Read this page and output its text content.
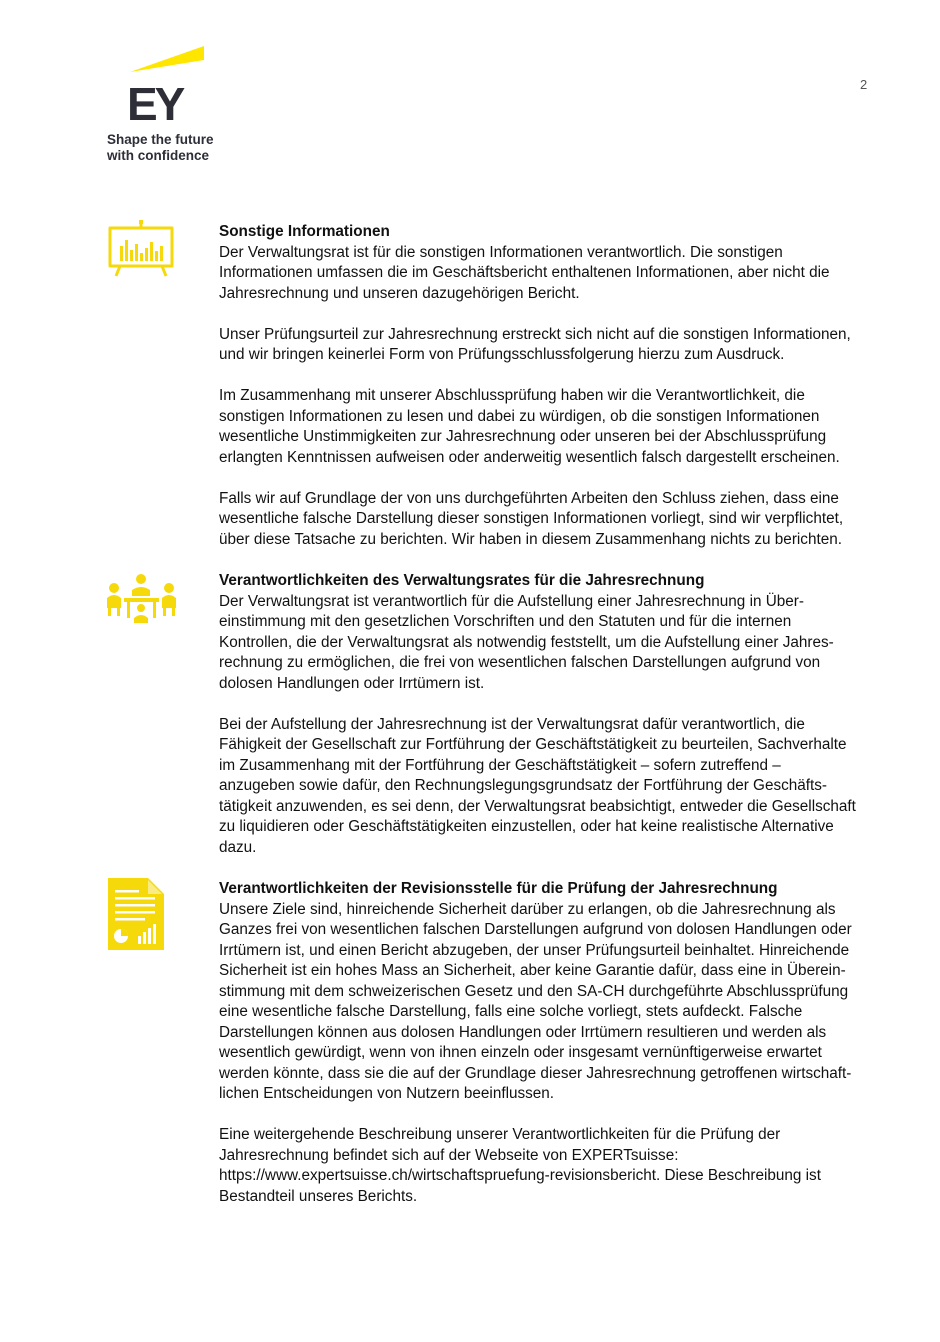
EY
Shape the future
with confidence
2
Sonstige Informationen

Der Verwaltungsrat ist für die sonstigen Informationen verantwortlich. Die sonstigen
Informationen umfassen die im Geschäftsbericht enthaltenen Informationen, aber nicht die
Jahresrechnung und unseren dazugehörigen Bericht.

Unser Prüfungsurteil zur Jahresrechnung erstreckt sich nicht auf die sonstigen Informationen,
und wir bringen keinerlei Form von Prüfungsschlussfolgerung hierzu zum Ausdruck.

Im Zusammenhang mit unserer Abschlussprüfung haben wir die Verantwortlichkeit, die
sonstigen Informationen zu lesen und dabei zu würdigen, ob die sonstigen Informationen
wesentliche Unstimmigkeiten zur Jahresrechnung oder unseren bei der Abschlussprüfung
erlangten Kenntnissen aufweisen oder anderweitig wesentlich falsch dargestellt erscheinen.

Falls wir auf Grundlage der von uns durchgeführten Arbeiten den Schluss ziehen, dass eine
wesentliche falsche Darstellung dieser sonstigen Informationen vorliegt, sind wir verpflichtet,
über diese Tatsache zu berichten. Wir haben in diesem Zusammenhang nichts zu berichten.

Verantwortlichkeiten des Verwaltungsrates für die Jahresrechnung

Der Verwaltungsrat ist verantwortlich für die Aufstellung einer Jahresrechnung in Über-
einstimmung mit den gesetzlichen Vorschriften und den Statuten und für die internen
Kontrollen, die der Verwaltungsrat als notwendig feststellt, um die Aufstellung einer Jahres-
rechnung zu ermöglichen, die frei von wesentlichen falschen Darstellungen aufgrund von
dolosen Handlungen oder Irrtümern ist.

Bei der Aufstellung der Jahresrechnung ist der Verwaltungsrat dafür verantwortlich, die
Fähigkeit der Gesellschaft zur Fortführung der Geschäftstätigkeit zu beurteilen, Sachverhalte
im Zusammenhang mit der Fortführung der Geschäftstätigkeit – sofern zutreffend –
anzugeben sowie dafür, den Rechnungslegungsgrundsatz der Fortführung der Geschäfts-
tätigkeit anzuwenden, es sei denn, der Verwaltungsrat beabsichtigt, entweder die Gesellschaft
zu liquidieren oder Geschäftstätigkeiten einzustellen, oder hat keine realistische Alternative
dazu.

Verantwortlichkeiten der Revisionsstelle für die Prüfung der Jahresrechnung

Unsere Ziele sind, hinreichende Sicherheit darüber zu erlangen, ob die Jahresrechnung als
Ganzes frei von wesentlichen falschen Darstellungen aufgrund von dolosen Handlungen oder
Irrtümern ist, und einen Bericht abzugeben, der unser Prüfungsurteil beinhaltet. Hinreichende
Sicherheit ist ein hohes Mass an Sicherheit, aber keine Garantie dafür, dass eine in Überein-
stimmung mit dem schweizerischen Gesetz und den SA-CH durchgeführte Abschlussprüfung
eine wesentliche falsche Darstellung, falls eine solche vorliegt, stets aufdeckt. Falsche
Darstellungen können aus dolosen Handlungen oder Irrtümern resultieren und werden als
wesentlich gewürdigt, wenn von ihnen einzeln oder insgesamt vernünftigerweise erwartet
werden könnte, dass sie die auf der Grundlage dieser Jahresrechnung getroffenen wirtschaft-
lichen Entscheidungen von Nutzern beeinflussen.

Eine weitergehende Beschreibung unserer Verantwortlichkeiten für die Prüfung der
Jahresrechnung befindet sich auf der Webseite von EXPERTsuisse:
https://www.expertsuisse.ch/wirtschaftspruefung-revisionsbericht. Diese Beschreibung ist
Bestandteil unseres Berichts.
